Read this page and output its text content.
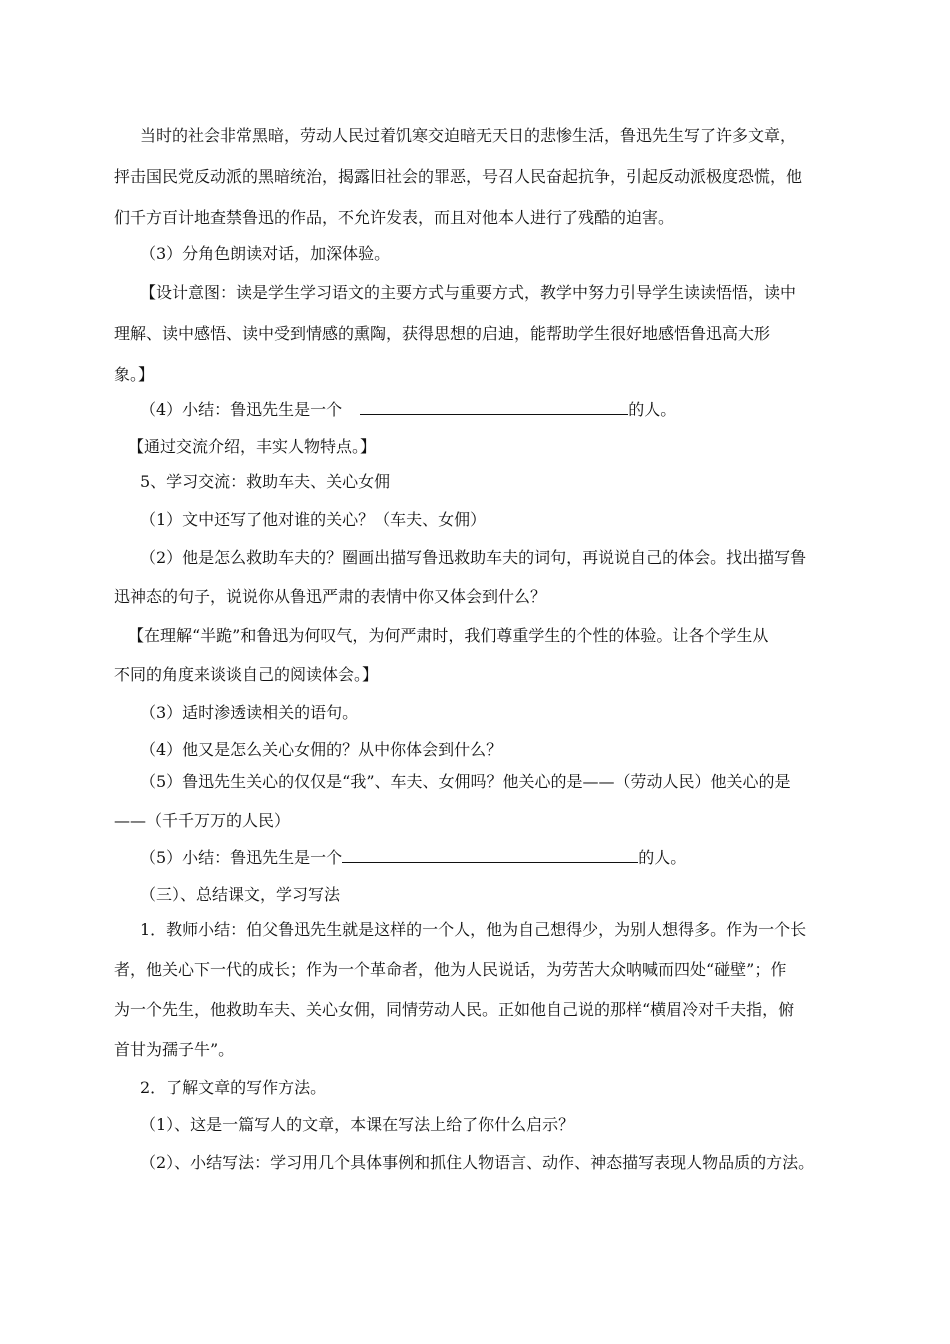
当时的社会非常黑暗，劳动人民过着饥寒交迫暗无天日的悲惨生活，鲁迅先生写了许多文章，
抨击国民党反动派的黑暗统治，揭露旧社会的罪恶，号召人民奋起抗争，引起反动派极度恐慌，他
们千方百计地查禁鲁迅的作品，不允许发表，而且对他本人进行了残酷的迫害。
（3）分角色朗读对话，加深体验。
【设计意图：读是学生学习语文的主要方式与重要方式，教学中努力引导学生读读悟悟，读中
理解、读中感悟、读中受到情感的熏陶，获得思想的启迪，能帮助学生很好地感悟鲁迅高大形
象。】
（4）小结：鲁迅先生是一个	的人。
【通过交流介绍，丰实人物特点。】
5、学习交流：救助车夫、关心女佣
（1）文中还写了他对谁的关心？（车夫、女佣）
（2）他是怎么救助车夫的？圈画出描写鲁迅救助车夫的词句，再说说自己的体会。找出描写鲁
迅神态的句子，说说你从鲁迅严肃的表情中你又体会到什么？
【在理解“半跪”和鲁迅为何叹气，为何严肃时，我们尊重学生的个性的体验。让各个学生从
不同的角度来谈谈自己的阅读体会。】
（3）适时渗透读相关的语句。
（4）他又是怎么关心女佣的？从中你体会到什么？
（5）鲁迅先生关心的仅仅是“我”、车夫、女佣吗？他关心的是——（劳动人民）他关心的是
——（千千万万的人民）
（5）小结：鲁迅先生是一个	的人。
（三）、总结课文，学习写法
1．教师小结：伯父鲁迅先生就是这样的一个人，他为自己想得少，为别人想得多。作为一个长
者，他关心下一代的成长；作为一个革命者，他为人民说话，为劳苦大众呐喊而四处“碰壁”；作
为一个先生，他救助车夫、关心女佣，同情劳动人民。正如他自己说的那样“横眉冷对千夫指，俯
首甘为孺子牛”。
2．了解文章的写作方法。
（1）、这是一篇写人的文章，本课在写法上给了你什么启示？
（2）、小结写法：学习用几个具体事例和抓住人物语言、动作、神态描写表现人物品质的方法。
